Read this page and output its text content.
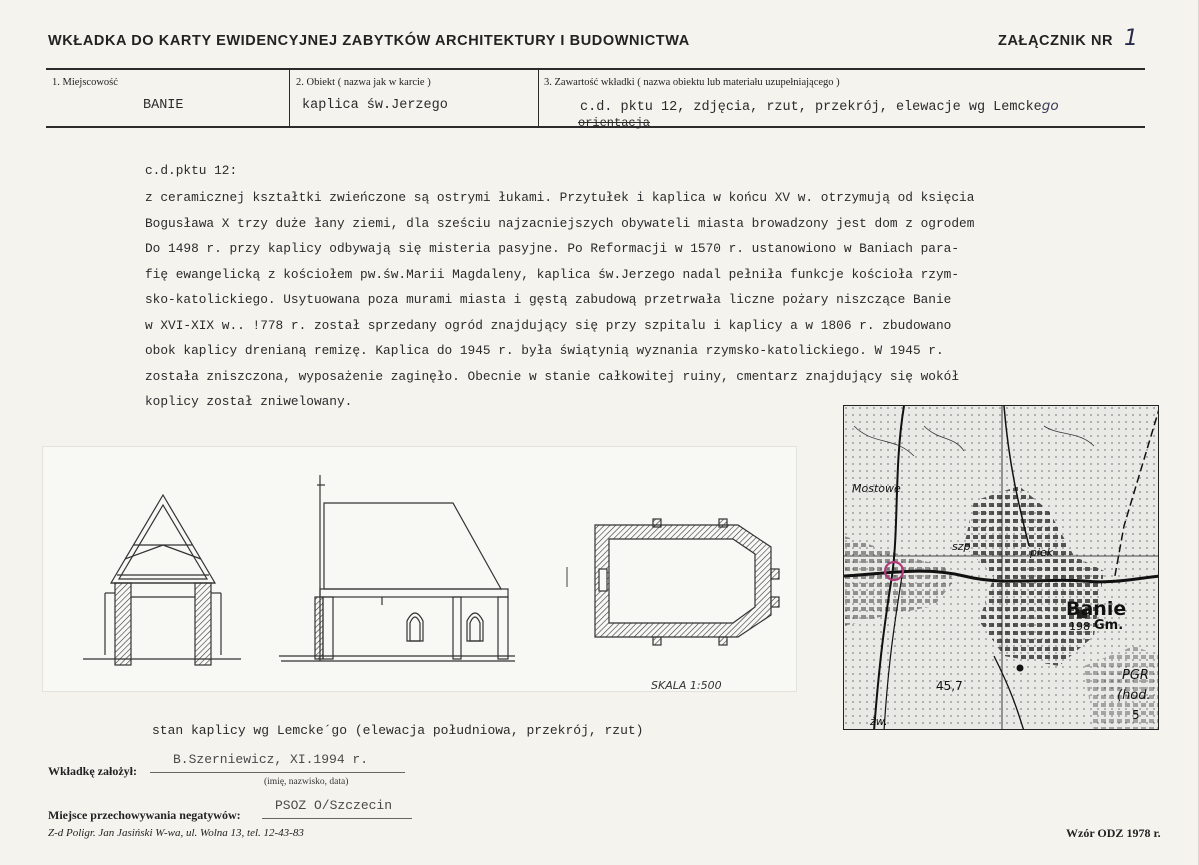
WKŁADKA DO KARTY EWIDENCYJNEJ ZABYTKÓW ARCHITEKTURY I BUDOWNICTWA	ZAŁĄCZNIK NR 1
1. Miejscowość
BANIE
2. Obiekt ( nazwa jak w karcie )
kaplica św.Jerzego
3. Zawartość wkładki ( nazwa obiektu lub materiału uzupełniającego )
c.d. pktu 12, zdjęcia, rzut, przekrój, elewacje wg Lemckego
orientacja
c.d.pktu 12:
z ceramicznej kształtki zwieńczone są ostrymi łukami. Przytułek i kaplica w końcu XV w. otrzymują od księcia
Bogusława X trzy duże łany ziemi, dla sześciu najzacniejszych obywateli miasta browadzony jest dom z ogrodem
Do 1498 r. przy kaplicy odbywają się misteria pasyjne. Po Reformacji w 1570 r. ustanowiono w Baniach para-
fię ewangelicką z kościołem pw.św.Marii Magdaleny, kaplica św.Jerzego nadal pełniła funkcje kościoła rzym-
sko-katolickiego. Usytuowana poza murami miasta i gęstą zabudową przetrwała liczne pożary niszczące Banie
w XVI-XIX w.. !778 r. został sprzedany ogród znajdujący się przy szpitalu i kaplicy a w 1806 r. zbudowano
obok kaplicy drenianą remizę. Kaplica do 1945 r. była świątynią wyznania rzymsko-katolickiego. W 1945 r.
została zniszczona, wyposażenie zaginęło. Obecnie w stanie całkowitej ruiny, cmentarz znajdujący się wokół
koplicy został zniwelowany.
SKALA 1:500
stan kaplicy wg Lemcke´go (elewacja południowa, przekrój, rzut)
Mostowe
Banie
198 Gm.
45,7
PGR
(hod.
5
szp	piek
żw.
Wkładkę założył:
B.Szerniewicz, XI.1994 r.
(imię, nazwisko, data)
Miejsce przechowywania negatywów:
PSOZ O/Szczecin
Z-d Poligr. Jan Jasiński W-wa, ul. Wolna 13, tel. 12-43-83	Wzór ODZ 1978 r.
